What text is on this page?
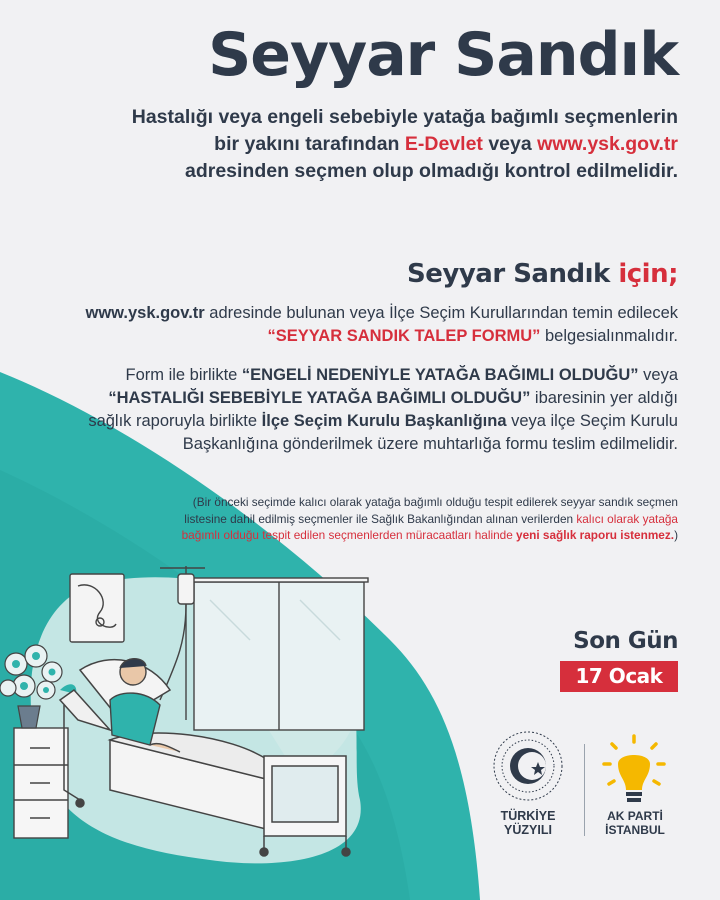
Seyyar Sandık
Hastalığı veya engeli sebebiyle yatağa bağımlı seçmenlerin bir yakını tarafından E-Devlet veya www.ysk.gov.tr adresinden seçmen olup olmadığı kontrol edilmelidir.
Seyyar Sandık için;
www.ysk.gov.tr adresinde bulunan veya İlçe Seçim Kurullarından temin edilecek “SEYYAR SANDIK TALEP FORMU” belgesialınmalıdır.
Form ile birlikte “ENGELİ NEDENİYLE YATAĞA BAĞIMLI OLDUĞU” veya “HASTALIĞI SEBEBİYLE YATAĞA BAĞIMLI OLDUĞU” ibaresinin yer aldığı sağlık raporuyla birlikte İlçe Seçim Kurulu Başkanlığına veya ilçe Seçim Kurulu Başkanlığına gönderilmek üzere muhtarlığa formu teslim edilmelidir.
(Bir önceki seçimde kalıcı olarak yatağa bağımlı olduğu tespit edilerek seyyar sandık seçmen listesine dahil edilmiş seçmenler ile Sağlık Bakanlığından alınan verilerden kalıcı olarak yatağa bağımlı olduğu tespit edilen seçmenlerden müracaatları halinde yeni sağlık raporu istenmez.)
Son Gün
17 Ocak
TÜRKİYE
YÜZYILI
AK PARTİ
İSTANBUL
